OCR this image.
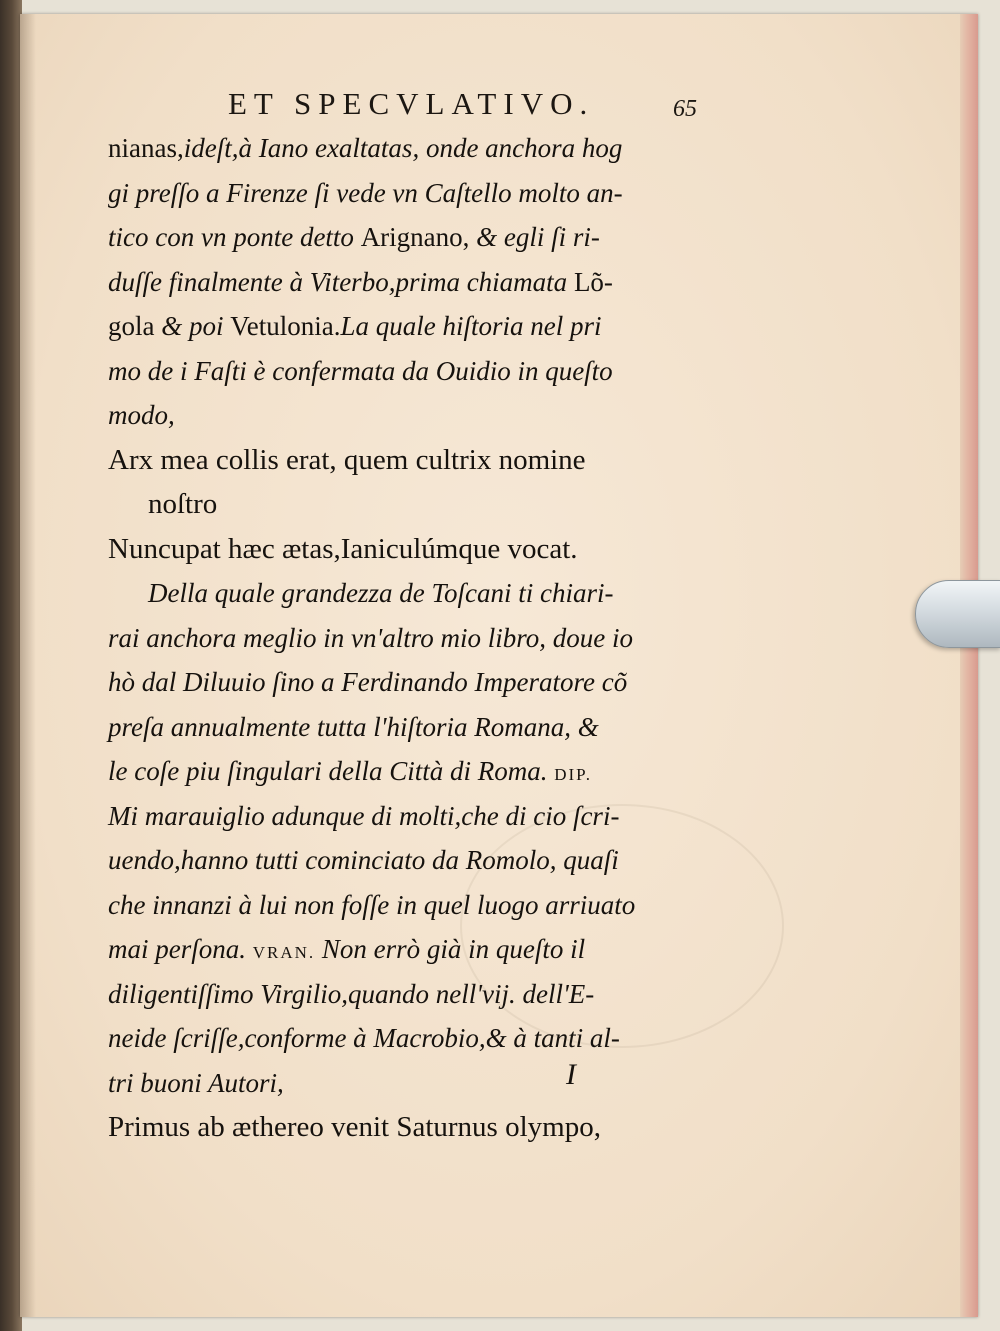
ET SPECVLATIVO.	65
nianas,ideſt,à Iano exaltatas, onde anchora hog
gi preſſo a Firenze ſi vede vn Caſtello molto an-
tico con vn ponte detto Arignano, & egli ſi ri-
duſſe finalmente à Viterbo,prima chiamata Lõ-
gola & poi Vetulonia.La quale hiſtoria nel pri
mo de i Faſti è confermata da Ouidio in queſto
modo,
Arx mea collis erat, quem cultrix nomine
noſtro
Nuncupat hæc ætas,Ianiculúmque vocat.
Della quale grandezza de Toſcani ti chiari-
rai anchora meglio in vn'altro mio libro, doue io
hò dal Diluuio ſino a Ferdinando Imperatore cõ
preſa annualmente tutta l'hiſtoria Romana, &
le coſe piu ſingulari della Città di Roma. DIP.
Mi marauiglio adunque di molti,che di cio ſcri-
uendo,hanno tutti cominciato da Romolo, quaſi
che innanzi à lui non foſſe in quel luogo arriuato
mai perſona. VRAN. Non errò già in queſto il
diligentiſſimo Virgilio,quando nell'vij. dell'E-
neide ſcriſſe,conforme à Macrobio,& à tanti al-
tri buoni Autori,
Primus ab æthereo venit Saturnus olympo,
I
